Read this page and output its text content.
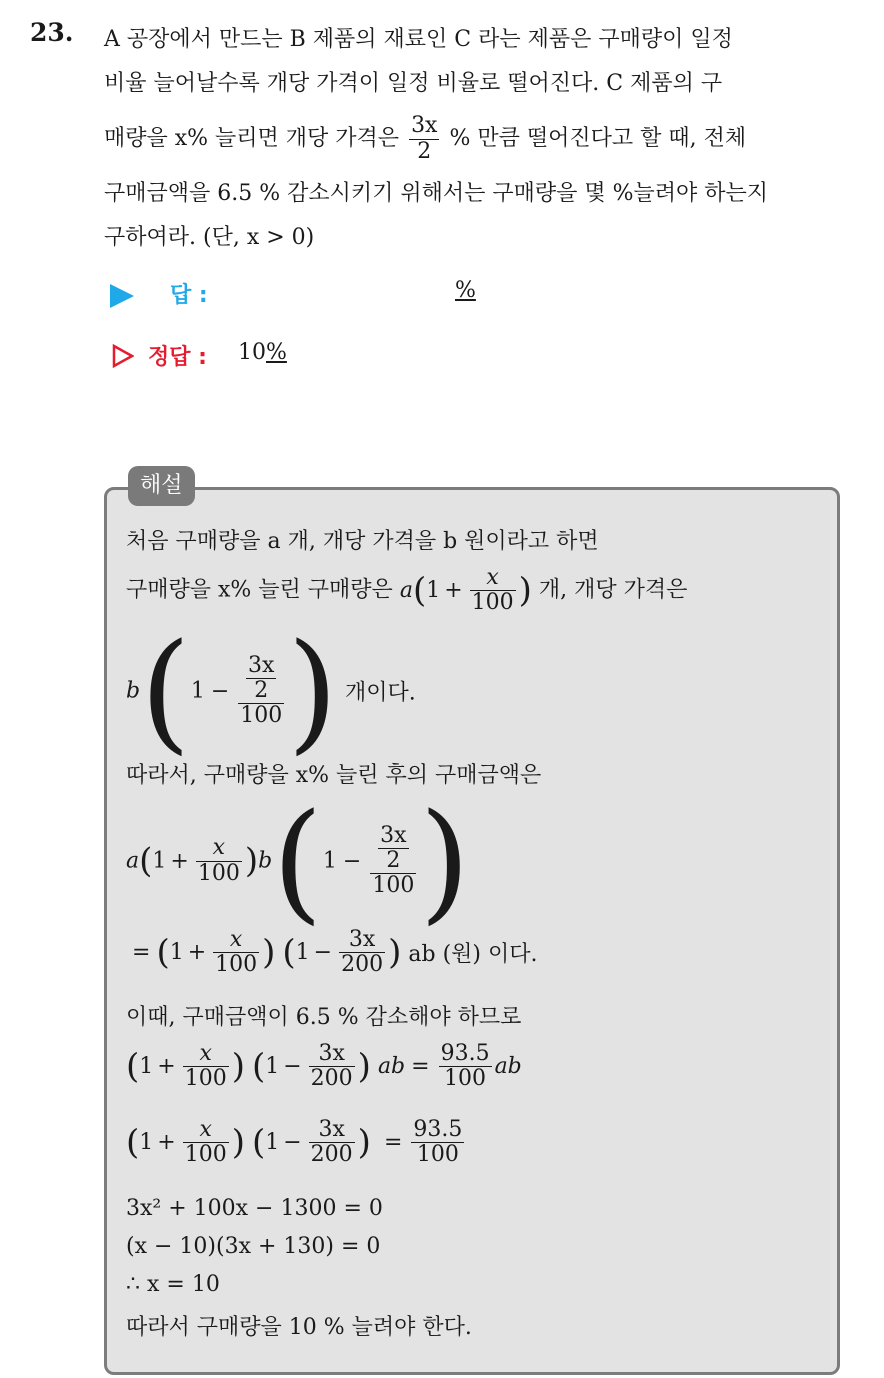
23. A 공장에서 만드는 B 제품의 재료인 C 라는 제품은 구매량이 일정
비율 늘어날수록 개당 가격이 일정 비율로 떨어진다. C 제품의 구
매량을 x% 늘리면 개당 가격은 $\frac{3x}{2}$ % 만큼 떨어진다고 할 때, 전체
구매금액을 6.5 % 감소시키기 위해서는 구매량을 몇 %늘려야 하는지
구하여라. (단, x > 0)
답 :	%
정답 : 10%
해설
처음 구매량을 a 개, 개당 가격을 b 원이라고 하면
구매량을 x% 늘린 구매량은 $a(1 + \frac{x}{100}$ ) 개, 개당 가격은
$b(1 - \frac{\frac{3x}{2}}{100}$ ) 개이다.
따라서, 구매량을 x% 늘린 후의 구매금액은
$a(1 + \frac{x}{100} )b(1 - \frac{\frac{3x}{2}}{100}$ )
= ($1 + \frac{x}{100}$ ) ($1 - \frac{3x}{200}$ ) ab (원) 이다.
이때, 구매금액이 6.5 % 감소해야 하므로
($1 + \frac{x}{100}$ ) ($1 - \frac{3x}{200}$ ) ab = $\frac{93.5}{100}$ ab
($1 + \frac{x}{100}$ ) ($1 - \frac{3x}{200}$ ) = $\frac{93.5}{100}$
3x² + 100x − 1300 = 0
(x − 10)(3x + 130) = 0
∴ x = 10
따라서 구매량을 10 % 늘려야 한다.
